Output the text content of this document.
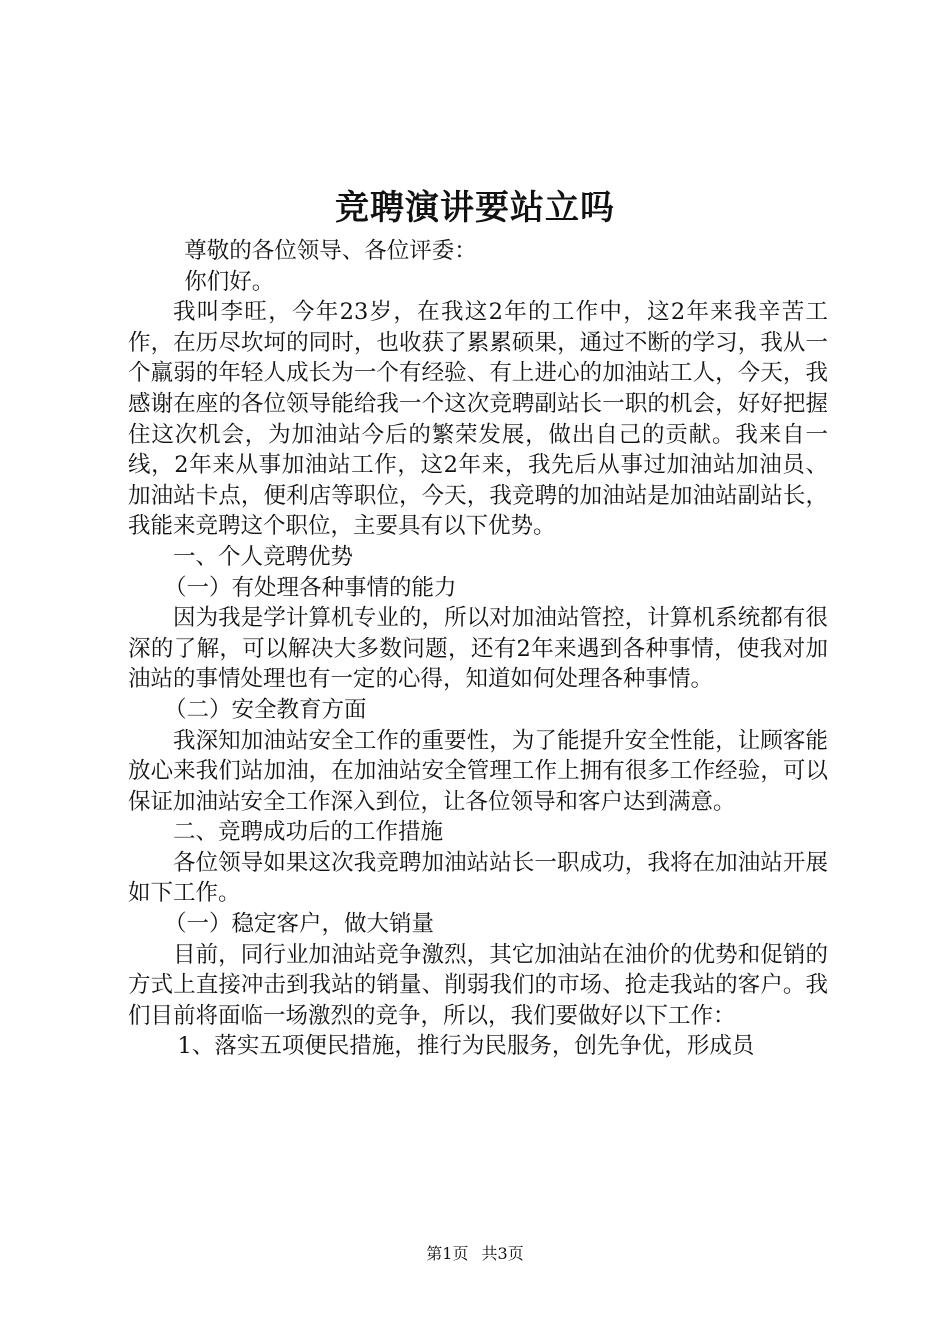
竞聘演讲要站立吗

尊敬的各位领导、各位评委：

你们好。

我叫李旺，今年23岁，在我这2年的工作中，这2年来我辛苦工作，在历尽坎坷的同时，也收获了累累硕果，通过不断的学习，我从一个羸弱的年轻人成长为一个有经验、有上进心的加油站工人，今天，我感谢在座的各位领导能给我一个这次竞聘副站长一职的机会，好好把握住这次机会，为加油站今后的繁荣发展，做出自己的贡献。我来自一线，2年来从事加油站工作，这2年来，我先后从事过加油站加油员、加油站卡点，便利店等职位，今天，我竞聘的加油站是加油站副站长，我能来竞聘这个职位，主要具有以下优势。

一、个人竞聘优势

（一）有处理各种事情的能力

因为我是学计算机专业的，所以对加油站管控，计算机系统都有很深的了解，可以解决大多数问题，还有2年来遇到各种事情，使我对加油站的事情处理也有一定的心得，知道如何处理各种事情。

（二）安全教育方面

我深知加油站安全工作的重要性，为了能提升安全性能，让顾客能放心来我们站加油，在加油站安全管理工作上拥有很多工作经验，可以保证加油站安全工作深入到位，让各位领导和客户达到满意。

二、竞聘成功后的工作措施

各位领导如果这次我竞聘加油站站长一职成功，我将在加油站开展如下工作。

（一）稳定客户，做大销量

目前，同行业加油站竞争激烈，其它加油站在油价的优势和促销的方式上直接冲击到我站的销量、削弱我们的市场、抢走我站的客户。我们目前将面临一场激烈的竞争，所以，我们要做好以下工作：

1、落实五项便民措施，推行为民服务，创先争优，形成员

第1页 共3页
